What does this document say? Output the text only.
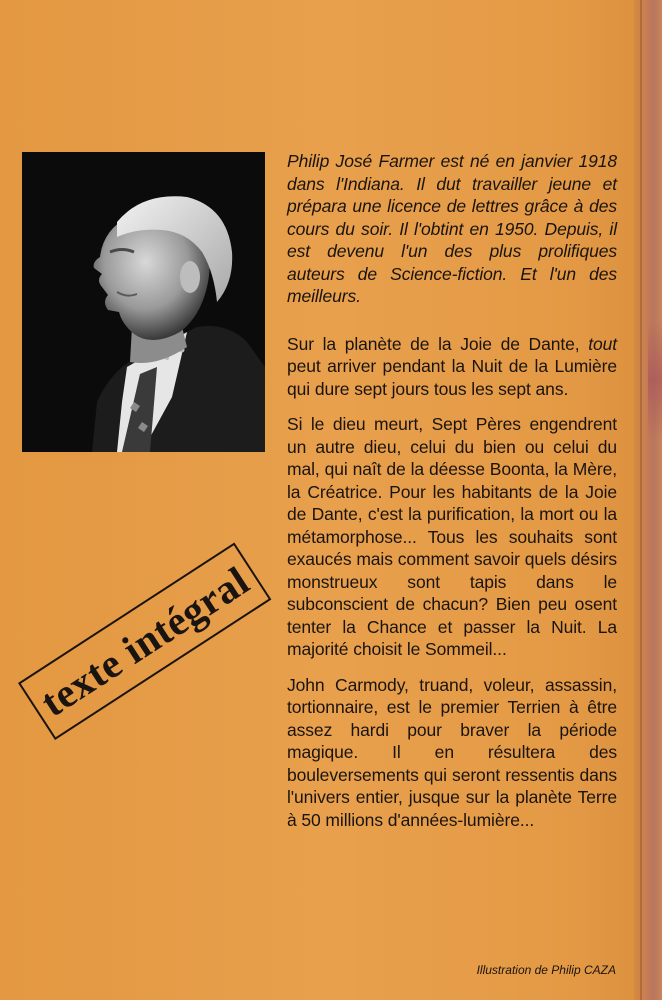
Philip José Farmer est né en janvier 1918 dans l'Indiana. Il dut travailler jeune et prépara une licence de lettres grâce à des cours du soir. Il l'obtint en 1950. Depuis, il est devenu l'un des plus prolifiques auteurs de Science-fiction. Et l'un des meilleurs.

Sur la planète de la Joie de Dante, tout peut arriver pendant la Nuit de la Lumière qui dure sept jours tous les sept ans.

Si le dieu meurt, Sept Pères engendrent un autre dieu, celui du bien ou celui du mal, qui naît de la déesse Boonta, la Mère, la Créatrice. Pour les habitants de la Joie de Dante, c'est la purification, la mort ou la métamorphose... Tous les souhaits sont exaucés mais comment savoir quels désirs monstrueux sont tapis dans le subconscient de chacun? Bien peu osent tenter la Chance et passer la Nuit. La majorité choisit le Sommeil...

John Carmody, truand, voleur, assassin, tortionnaire, est le premier Terrien à être assez hardi pour braver la période magique. Il en résultera des bouleversements qui seront ressentis dans l'univers entier, jusque sur la planète Terre à 50 millions d'années-lumière...

texte intégral
Illustration de Philip CAZA
